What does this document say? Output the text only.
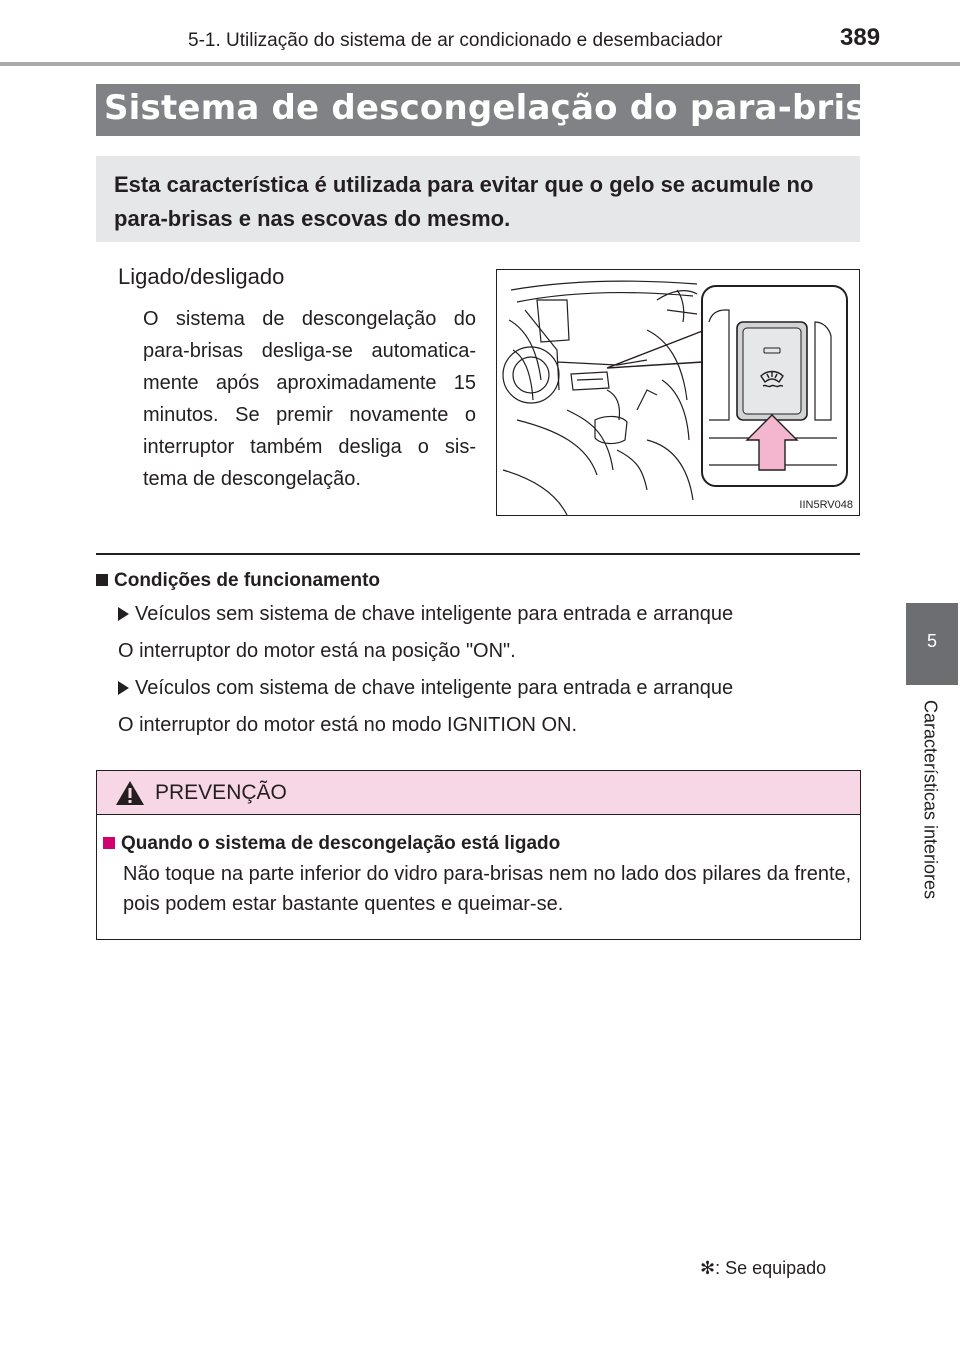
5-1. Utilização do sistema de ar condicionado e desembaciador	389
5
Características interiores
Sistema de descongelação do para-brisas✻
Esta característica é utilizada para evitar que o gelo se acumule no para-brisas e nas escovas do mesmo.
Ligado/desligado
O sistema de descongelação do para-brisas desliga-se automatica-mente após aproximadamente 15 minutos. Se premir novamente o interruptor também desliga o sis-tema de descongelação.
IIN5RV048
Condições de funcionamento
Veículos sem sistema de chave inteligente para entrada e arranque
O interruptor do motor está na posição "ON".
Veículos com sistema de chave inteligente para entrada e arranque
O interruptor do motor está no modo IGNITION ON.
PREVENÇÃO
Quando o sistema de descongelação está ligado
Não toque na parte inferior do vidro para-brisas nem no lado dos pilares da frente, pois podem estar bastante quentes e queimar-se.
✻: Se equipado
